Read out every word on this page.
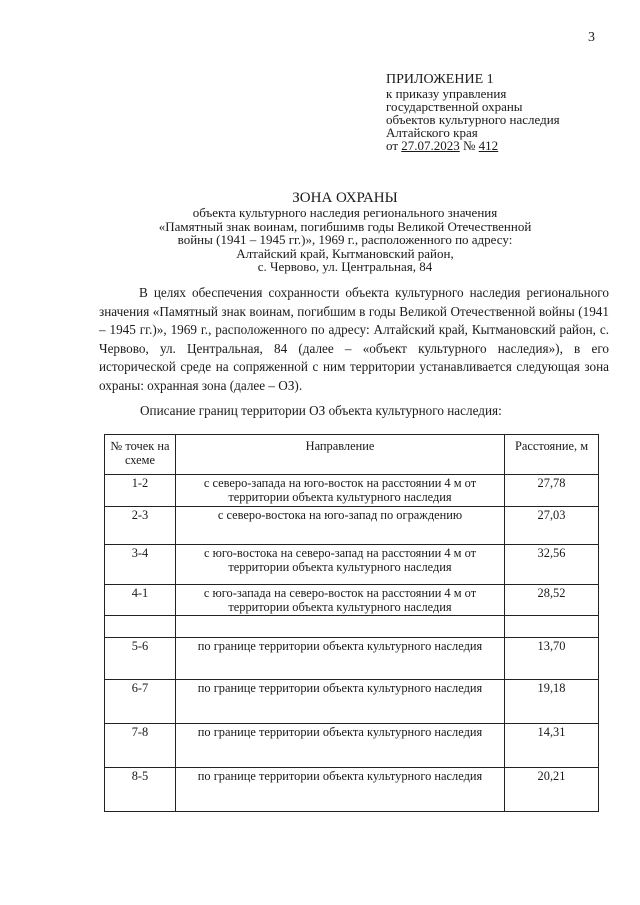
3
ПРИЛОЖЕНИЕ 1
к приказу управления
государственной охраны
объектов культурного наследия
Алтайского края
от 27.07.2023 № 412
ЗОНА ОХРАНЫ
объекта культурного наследия регионального значения
«Памятный знак воинам, погибшимв годы Великой Отечественной
войны (1941 – 1945 гг.)», 1969 г., расположенного по адресу:
Алтайский край, Кытмановский район,
с. Червово, ул. Центральная, 84
В целях обеспечения сохранности объекта культурного наследия регионального значения «Памятный знак воинам, погибшим в годы Великой Отечественной войны (1941 – 1945 гг.)», 1969 г., расположенного по адресу: Алтайский край, Кытмановский район, с. Червово, ул. Центральная, 84 (далее – «объект культурного наследия»), в его исторической среде на сопряженной с ним территории устанавливается следующая зона охраны: охранная зона (далее – ОЗ).
Описание границ территории ОЗ объекта культурного наследия:
№ точек на схеме	Направление	Расстояние, м
1-2	с северо-запада на юго-восток на расстоянии 4 м от территории объекта культурного наследия	27,78
2-3	с северо-востока на юго-запад по ограждению	27,03
3-4	с юго-востока на северо-запад на расстоянии 4 м от территории объекта культурного наследия	32,56
4-1	с юго-запада на северо-восток на расстоянии 4 м от территории объекта культурного наследия	28,52

5-6	по границе территории объекта культурного наследия	13,70
6-7	по границе территории объекта культурного наследия	19,18
7-8	по границе территории объекта культурного наследия	14,31
8-5	по границе территории объекта культурного наследия	20,21
